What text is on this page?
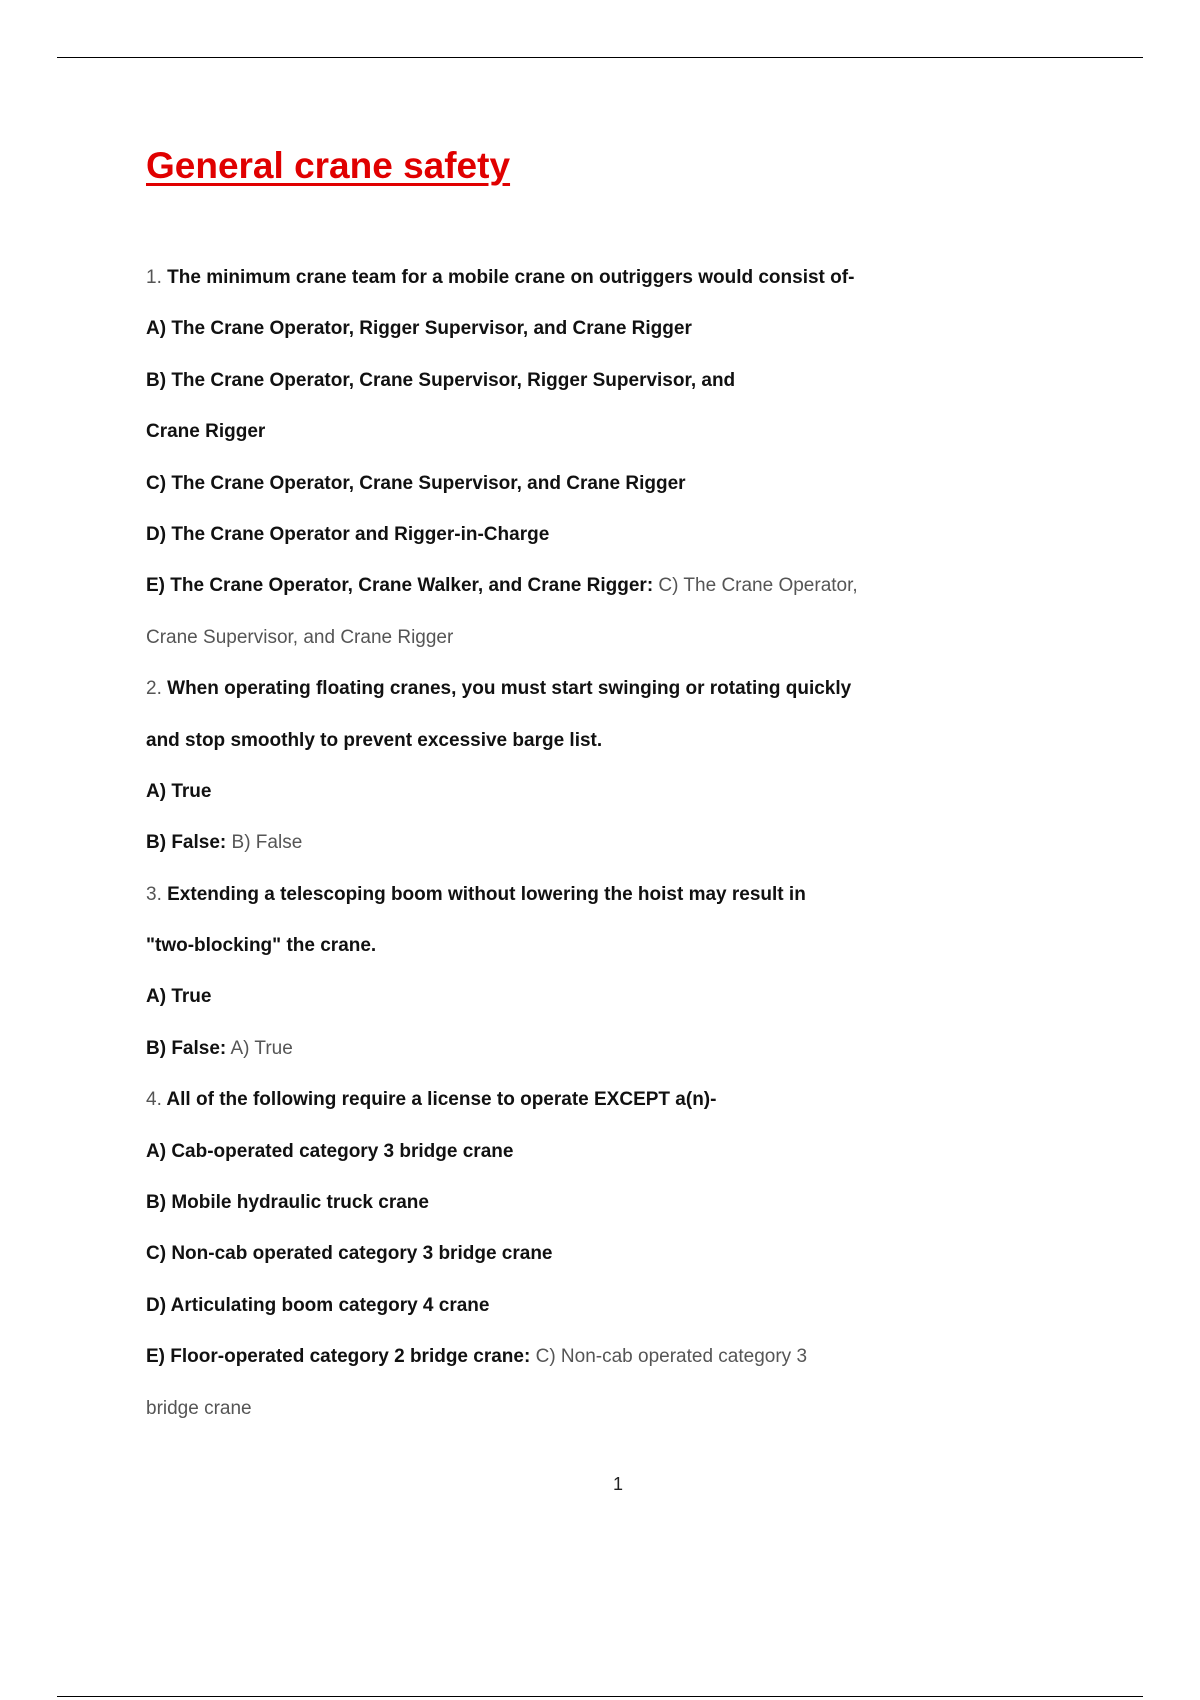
General crane safety
1. The minimum crane team for a mobile crane on outriggers would consist of-
A) The Crane Operator, Rigger Supervisor, and Crane Rigger
B) The Crane Operator, Crane Supervisor, Rigger Supervisor, and
Crane Rigger
C) The Crane Operator, Crane Supervisor, and Crane Rigger
D) The Crane Operator and Rigger-in-Charge
E) The Crane Operator, Crane Walker, and Crane Rigger: C) The Crane Operator,
Crane Supervisor, and Crane Rigger
2. When operating floating cranes, you must start swinging or rotating quickly
and stop smoothly to prevent excessive barge list.
A) True
B) False: B) False
3. Extending a telescoping boom without lowering the hoist may result in
"two-blocking" the crane.
A) True
B) False: A) True
4. All of the following require a license to operate EXCEPT a(n)-
A) Cab-operated category 3 bridge crane
B) Mobile hydraulic truck crane
C) Non-cab operated category 3 bridge crane
D) Articulating boom category 4 crane
E) Floor-operated category 2 bridge crane: C) Non-cab operated category 3
bridge crane
1
